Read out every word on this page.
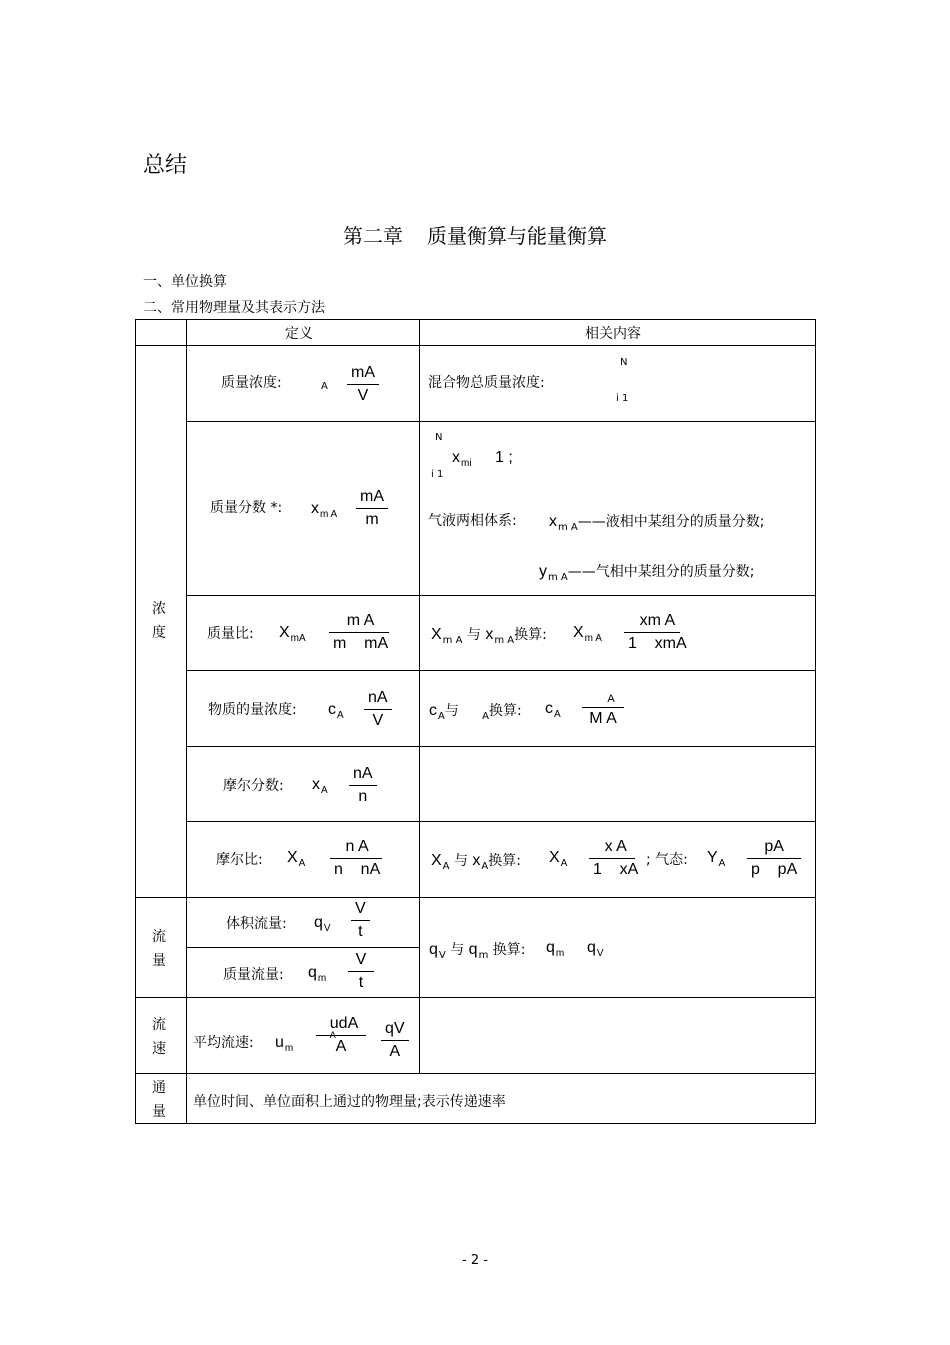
总结
第二章 质量衡算与能量衡算
一、单位换算
二、常用物理量及其表示方法
定义	相关内容
浓度
流量
流速
通量
质量浓度:	A
mA
V
混合物总质量浓度:
N
i 1
质量分数 *: $x_{m A}$
mA
m
N
$x_{mi}$ 1 ;
i 1
气液两相体系: $x_{m A}——$液相中某组分的质量分数;
$y_{m A}——$气相中某组分的质量分数;
质量比: $X_{mA}$
m A
m    mA
$X_{m A}$ 与 $x_{m A}$换算: $X_{m A}$
xm A
1    xmA
物质的量浓度: $c_A$
nA
V
$c_A$与 $_A$换算: $c_A$
A
M A
摩尔分数: $x_A$
nA
n
摩尔比: $X_A$
n A
n    nA
$X_A$ 与 $x_A$换算: $X_A$
x A
1    xA
; 气态: $Y_A$
pA
p    pA
体积流量: $q_V$
V
t
质量流量: $q_m$
V
t
$q_V$ 与 $q_m$ 换算: $q_m$ $q_V$
平均流速: $u_m$
udA
A
A
qV
A
单位时间、单位面积上通过的物理量;表示传递速率
- 2 -
